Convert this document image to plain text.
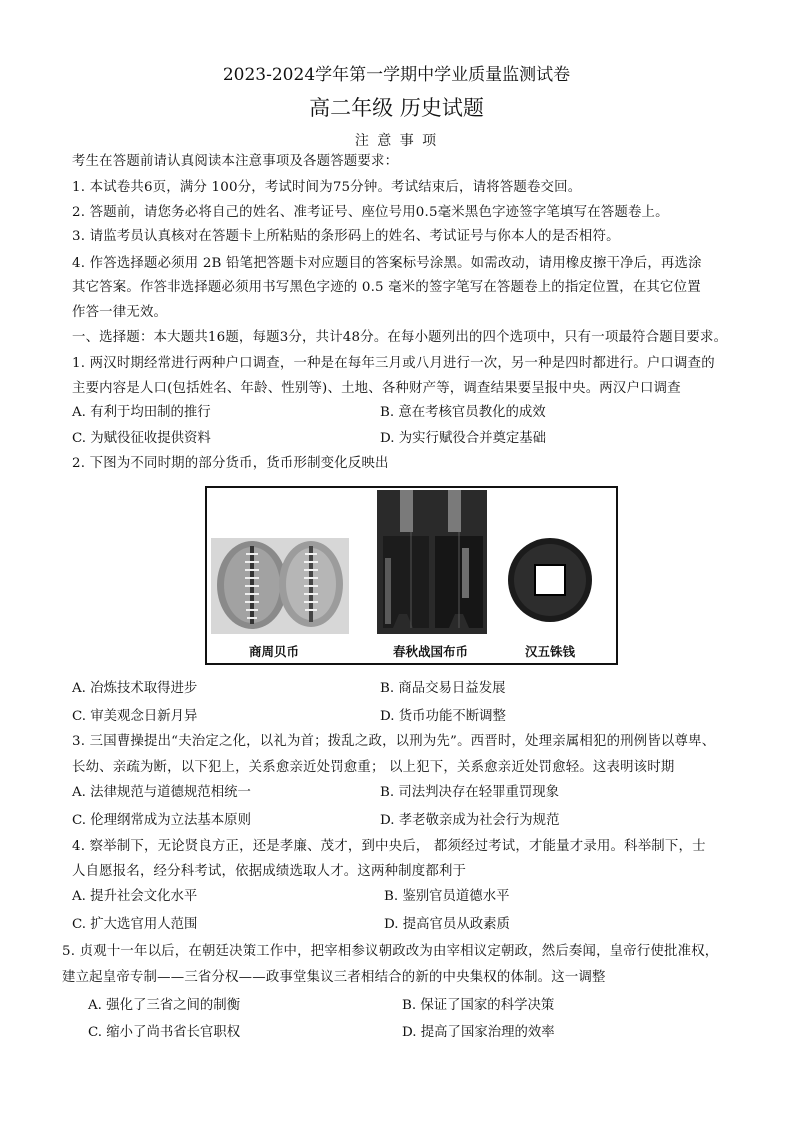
2023-2024学年第一学期中学业质量监测试卷
高二年级 历史试题
注 意 事 项
考生在答题前请认真阅读本注意事项及各题答题要求：
1. 本试卷共6页，满分 100分，考试时间为75分钟。考试结束后，请将答题卷交回。
2. 答题前，请您务必将自己的姓名、准考证号、座位号用0.5毫米黑色字迹签字笔填写在答题卷上。
3. 请监考员认真核对在答题卡上所粘贴的条形码上的姓名、考试证号与你本人的是否相符。
4. 作答选择题必须用 2B 铅笔把答题卡对应题目的答案标号涂黑。如需改动，请用橡皮擦干净后，再选涂
其它答案。作答非选择题必须用书写黑色字迹的 0.5 毫米的签字笔写在答题卷上的指定位置，在其它位置
作答一律无效。
一、选择题：本大题共16题，每题3分，共计48分。在每小题列出的四个选项中，只有一项最符合题目要求。
1. 两汉时期经常进行两种户口调查，一种是在每年三月或八月进行一次，另一种是四时都进行。户口调查的
主要内容是人口(包括姓名、年龄、性别等)、土地、各种财产等，调查结果要呈报中央。两汉户口调查
A. 有利于均田制的推行	B. 意在考核官员教化的成效
C. 为赋役征收提供资料	D. 为实行赋役合并奠定基础
2. 下图为不同时期的部分货币，货币形制变化反映出
商周贝币	春秋战国布币	汉五铢钱
A. 冶炼技术取得进步	B. 商品交易日益发展
C. 审美观念日新月异	D. 货币功能不断调整
3. 三国曹操提出“夫治定之化，以礼为首；拨乱之政，以刑为先”。西晋时，处理亲属相犯的刑例皆以尊卑、
长幼、亲疏为断，以下犯上，关系愈亲近处罚愈重； 以上犯下，关系愈亲近处罚愈轻。这表明该时期
A. 法律规范与道德规范相统一	B. 司法判决存在轻罪重罚现象
C. 伦理纲常成为立法基本原则	D. 孝老敬亲成为社会行为规范
4. 察举制下，无论贤良方正，还是孝廉、茂才，到中央后， 都须经过考试，才能量才录用。科举制下，士
人自愿报名，经分科考试，依据成绩选取人才。这两种制度都利于
A. 提升社会文化水平	B. 鉴别官员道德水平
C. 扩大选官用人范围	D. 提高官员从政素质
5. 贞观十一年以后，在朝廷决策工作中，把宰相参议朝政改为由宰相议定朝政，然后奏闻，皇帝行使批准权，
建立起皇帝专制——三省分权——政事堂集议三者相结合的新的中央集权的体制。这一调整
A. 强化了三省之间的制衡	B. 保证了国家的科学决策
C. 缩小了尚书省长官职权	D. 提高了国家治理的效率
